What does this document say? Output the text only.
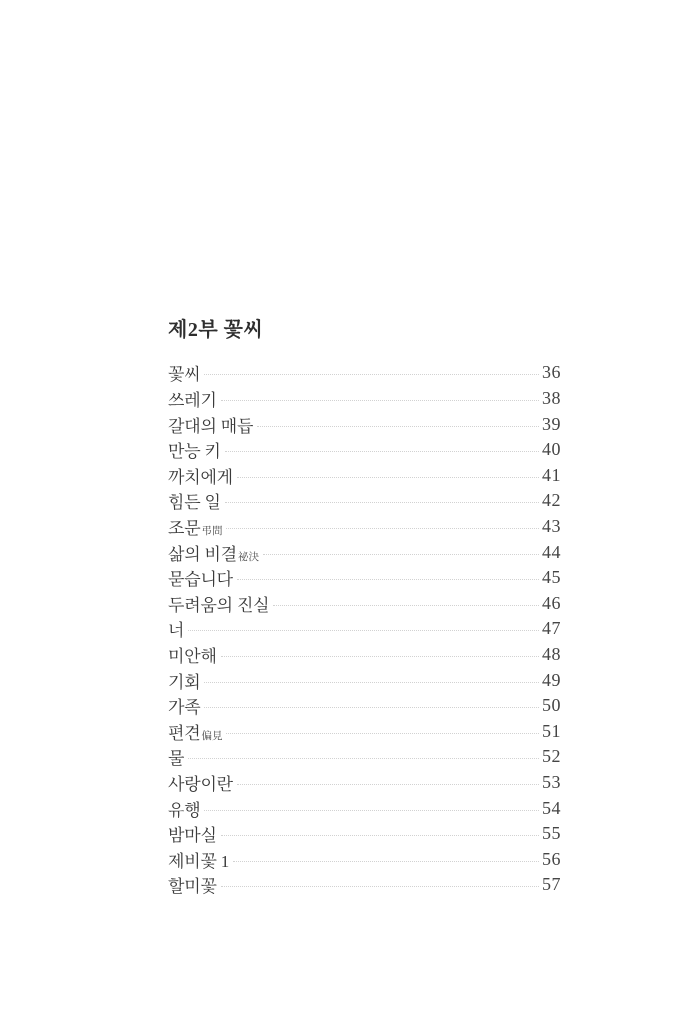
제2부 꽃씨
꽃씨	36
쓰레기	38
갈대의 매듭	39
만능 키	40
까치에게	41
힘든 일	42
조문弔問	43
삶의 비결祕決	44
묻습니다	45
두려움의 진실	46
너	47
미안해	48
기회	49
가족	50
편견偏見	51
물	52
사랑이란	53
유행	54
밤마실	55
제비꽃 1	56
할미꽃	57
